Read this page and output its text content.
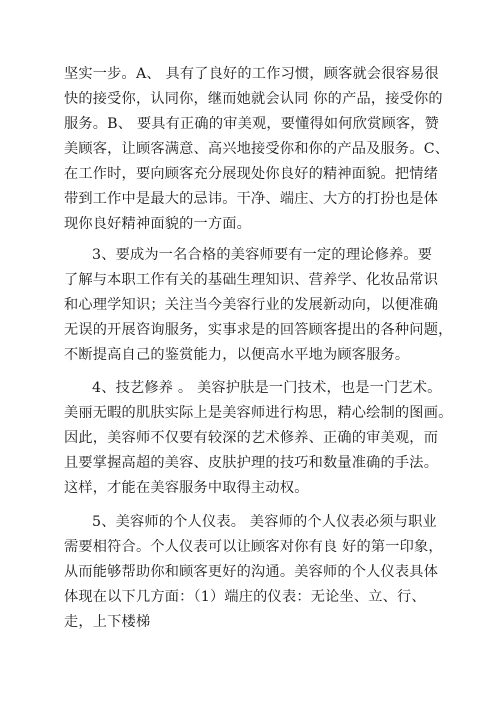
坚实一步。A、 具有了良好的工作习惯，顾客就会很容易很
快的接受你，认同你，继而她就会认同 你的产品，接受你的
服务。B、 要具有正确的审美观，要懂得如何欣赏顾客，赞
美顾客，让顾客满意、高兴地接受你和你的产品及服务。C、
在工作时，要向顾客充分展现处你良好的精神面貌。把情绪
带到工作中是最大的忌讳。干净、端庄、大方的打扮也是体
现你良好精神面貌的一方面。
3、要成为一名合格的美容师要有一定的理论修养。要
了解与本职工作有关的基础生理知识、营养学、化妆品常识
和心理学知识；关注当今美容行业的发展新动向，以便准确
无误的开展咨询服务，实事求是的回答顾客提出的各种问题，
不断提高自己的鉴赏能力，以便高水平地为顾客服务。
4、技艺修养 。 美容护肤是一门技术，也是一门艺术。
美丽无暇的肌肤实际上是美容师进行构思，精心绘制的图画。
因此，美容师不仅要有较深的艺术修养、正确的审美观，而
且要掌握高超的美容、皮肤护理的技巧和数量准确的手法。
这样，才能在美容服务中取得主动权。
5、美容师的个人仪表。 美容师的个人仪表必须与职业
需要相符合。个人仪表可以让顾客对你有良 好的第一印象，
从而能够帮助你和顾客更好的沟通。美容师的个人仪表具体
体现在以下几方面：（1）端庄的仪表：无论坐、立、行、
走，上下楼梯
